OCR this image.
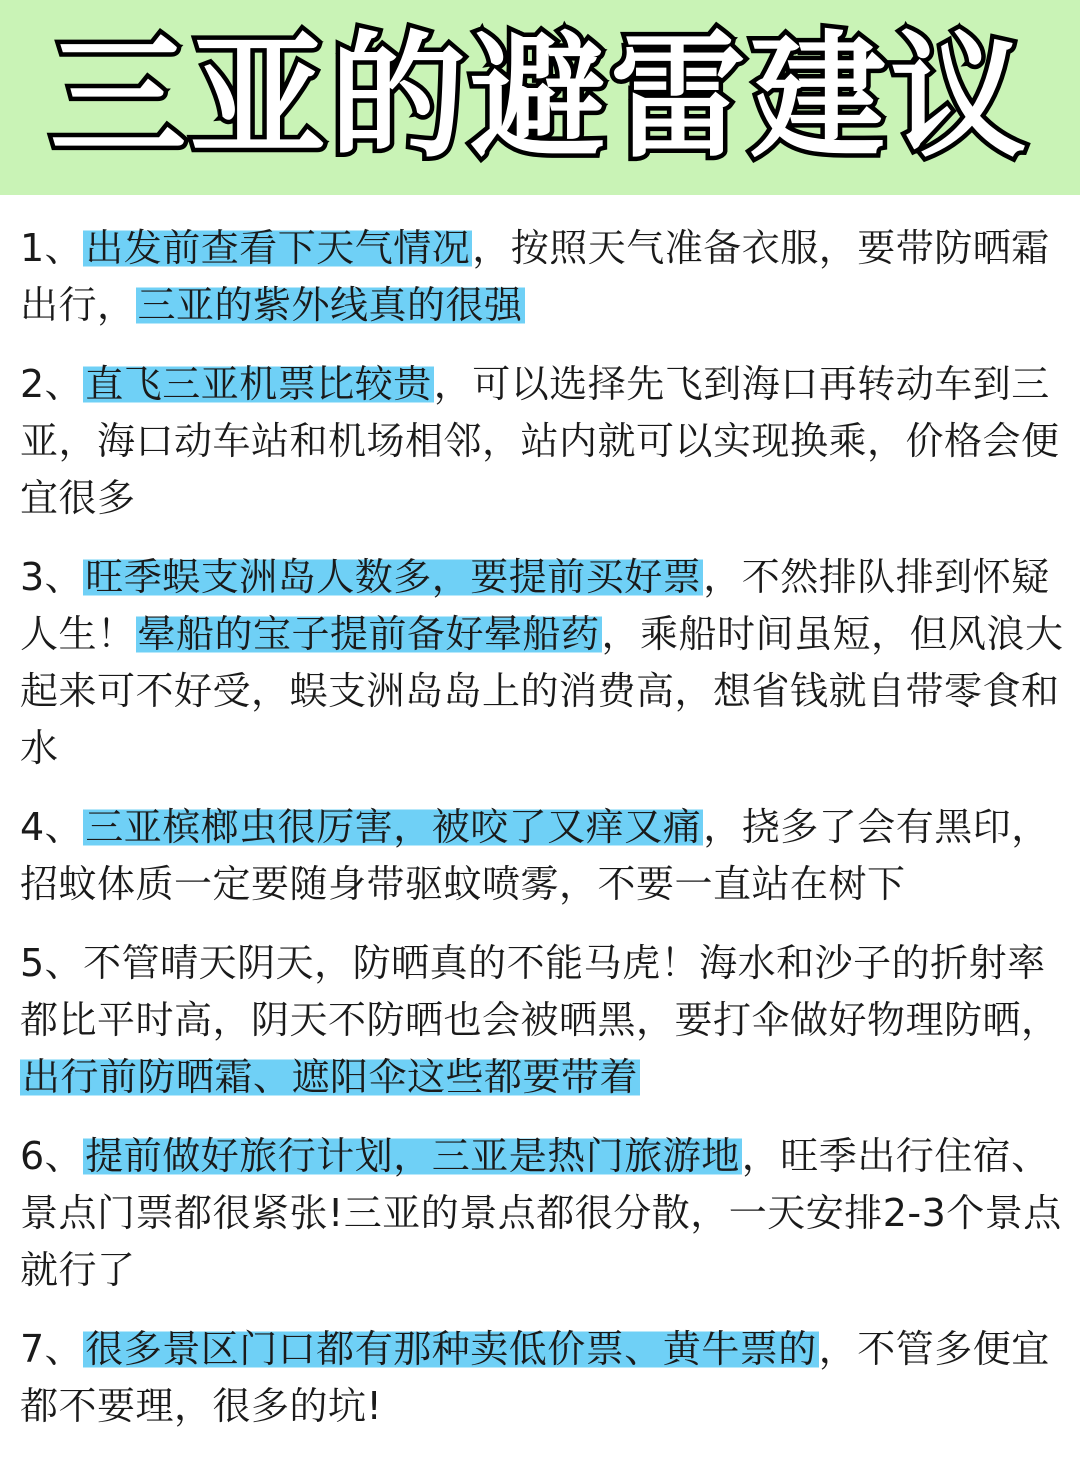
三亚的避雷建议

1、出发前查看下天气情况，按照天气准备衣服，要带防晒霜出行，三亚的紫外线真的很强

2、直飞三亚机票比较贵，可以选择先飞到海口再转动车到三亚，海口动车站和机场相邻，站内就可以实现换乘，价格会便宜很多

3、旺季蜈支洲岛人数多，要提前买好票，不然排队排到怀疑人生！晕船的宝子提前备好晕船药，乘船时间虽短，但风浪大起来可不好受，蜈支洲岛岛上的消费高，想省钱就自带零食和水

4、三亚槟榔虫很厉害，被咬了又痒又痛，挠多了会有黑印，招蚊体质一定要随身带驱蚊喷雾，不要一直站在树下

5、不管晴天阴天，防晒真的不能马虎！海水和沙子的折射率都比平时高，阴天不防晒也会被晒黑，要打伞做好物理防晒，出行前防晒霜、遮阳伞这些都要带着

6、提前做好旅行计划，三亚是热门旅游地，旺季出行住宿、景点门票都很紧张!三亚的景点都很分散，一天安排2-3个景点就行了

7、很多景区门口都有那种卖低价票、黄牛票的，不管多便宜都不要理，很多的坑!
